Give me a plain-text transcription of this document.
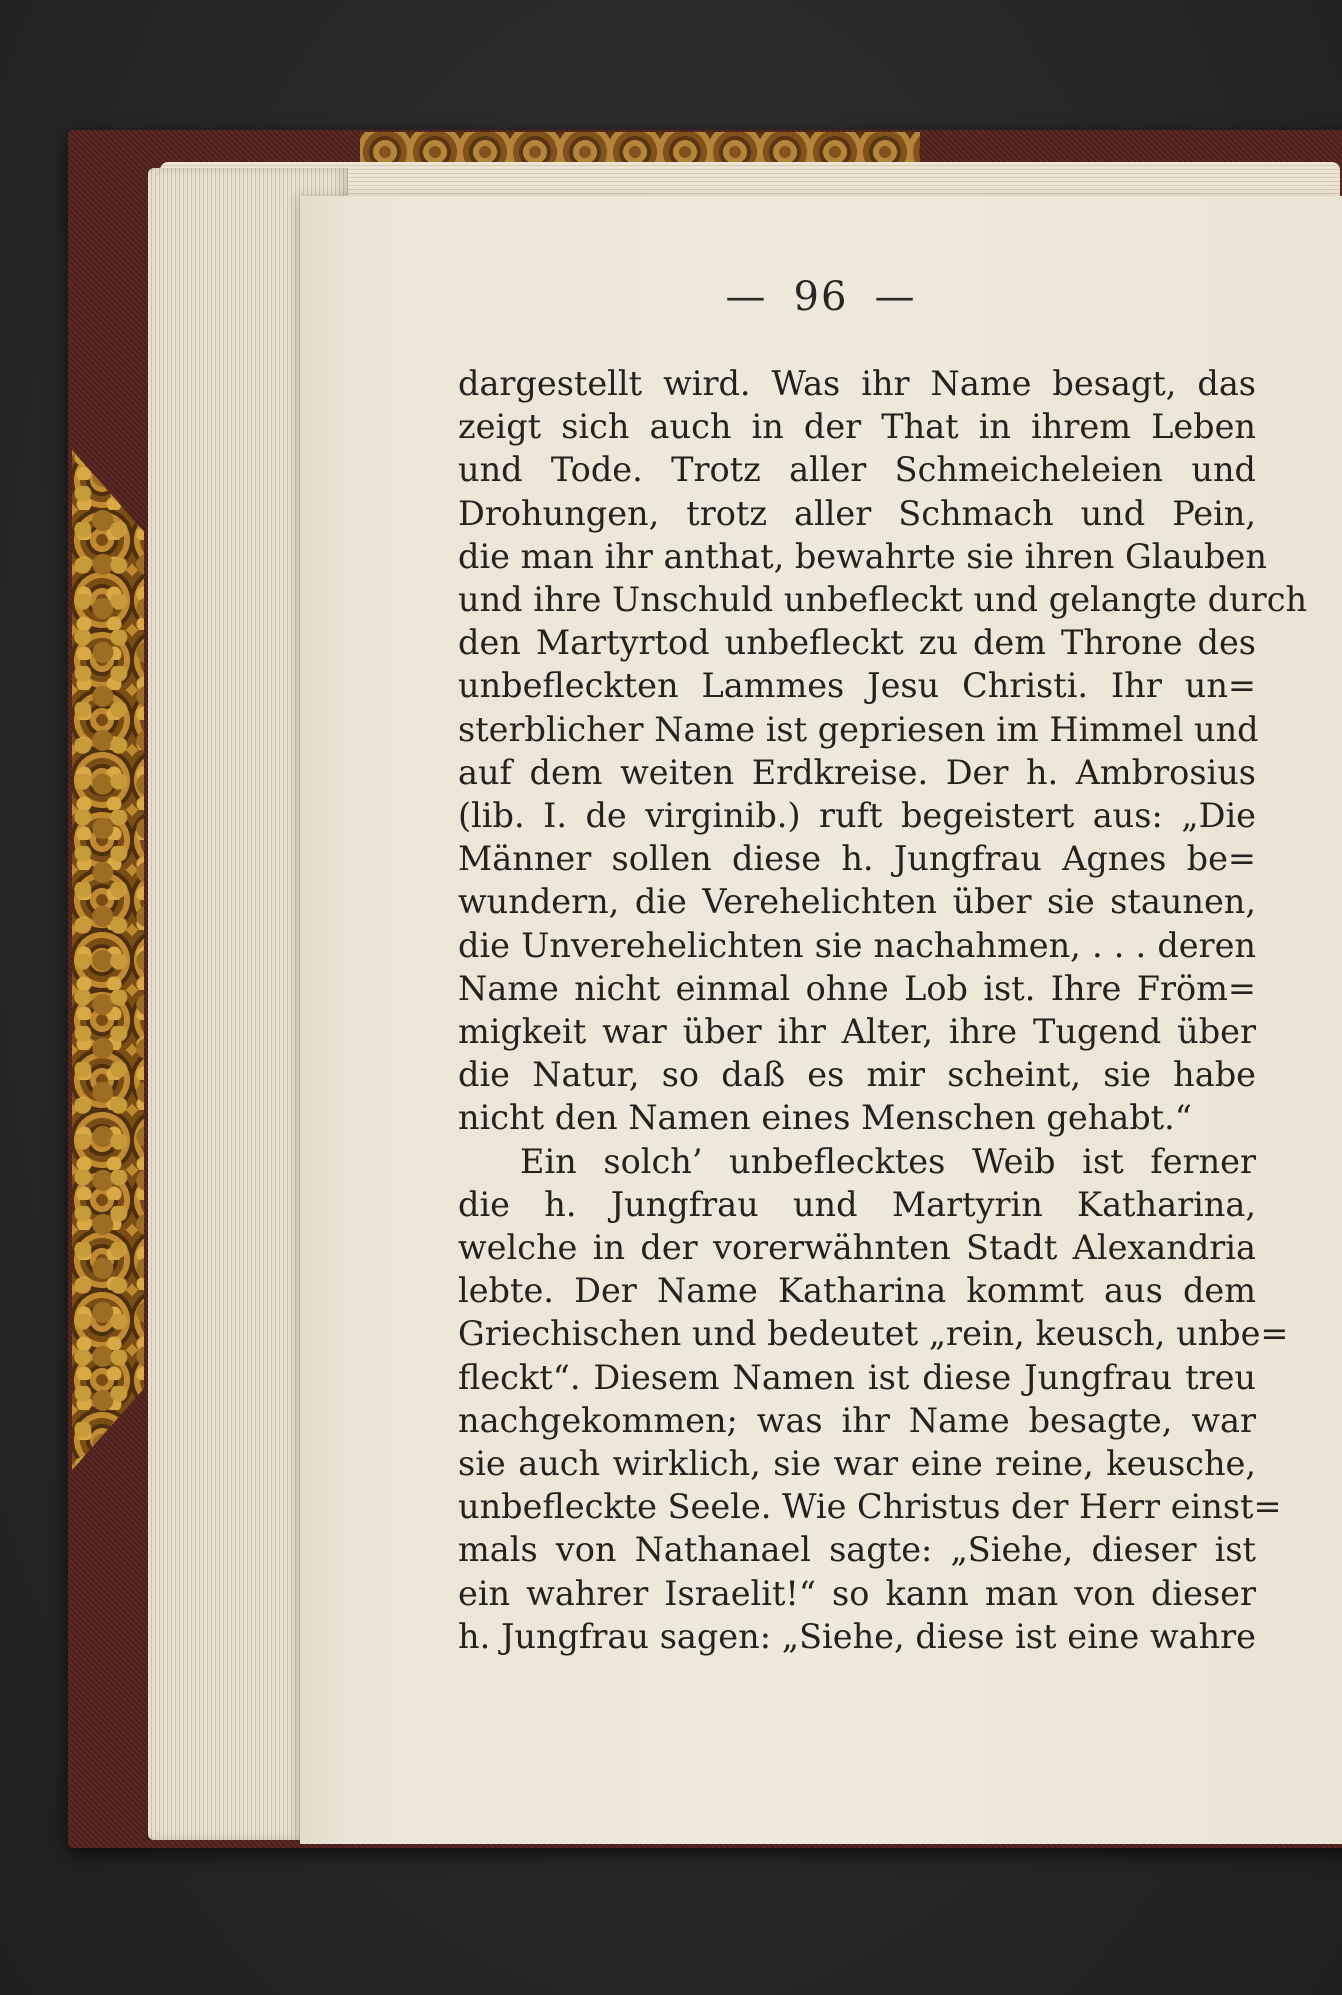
— 96 —
dargestellt wird. Was ihr Name besagt, das
zeigt sich auch in der That in ihrem Leben
und Tode. Trotz aller Schmeicheleien und
Drohungen, trotz aller Schmach und Pein,
die man ihr anthat, bewahrte sie ihren Glauben
und ihre Unschuld unbefleckt und gelangte durch
den Martyrtod unbefleckt zu dem Throne des
unbefleckten Lammes Jesu Christi. Ihr un=
sterblicher Name ist gepriesen im Himmel und
auf dem weiten Erdkreise. Der h. Ambrosius
(lib. I. de virginib.) ruft begeistert aus: „Die
Männer sollen diese h. Jungfrau Agnes be=
wundern, die Verehelichten über sie staunen,
die Unverehelichten sie nachahmen, . . . deren
Name nicht einmal ohne Lob ist. Ihre Fröm=
migkeit war über ihr Alter, ihre Tugend über
die Natur, so daß es mir scheint, sie habe
nicht den Namen eines Menschen gehabt.“
Ein solch’ unbeflecktes Weib ist ferner
die h. Jungfrau und Martyrin Katharina,
welche in der vorerwähnten Stadt Alexandria
lebte. Der Name Katharina kommt aus dem
Griechischen und bedeutet „rein, keusch, unbe=
fleckt“. Diesem Namen ist diese Jungfrau treu
nachgekommen; was ihr Name besagte, war
sie auch wirklich, sie war eine reine, keusche,
unbefleckte Seele. Wie Christus der Herr einst=
mals von Nathanael sagte: „Siehe, dieser ist
ein wahrer Israelit!“ so kann man von dieser
h. Jungfrau sagen: „Siehe, diese ist eine wahre
